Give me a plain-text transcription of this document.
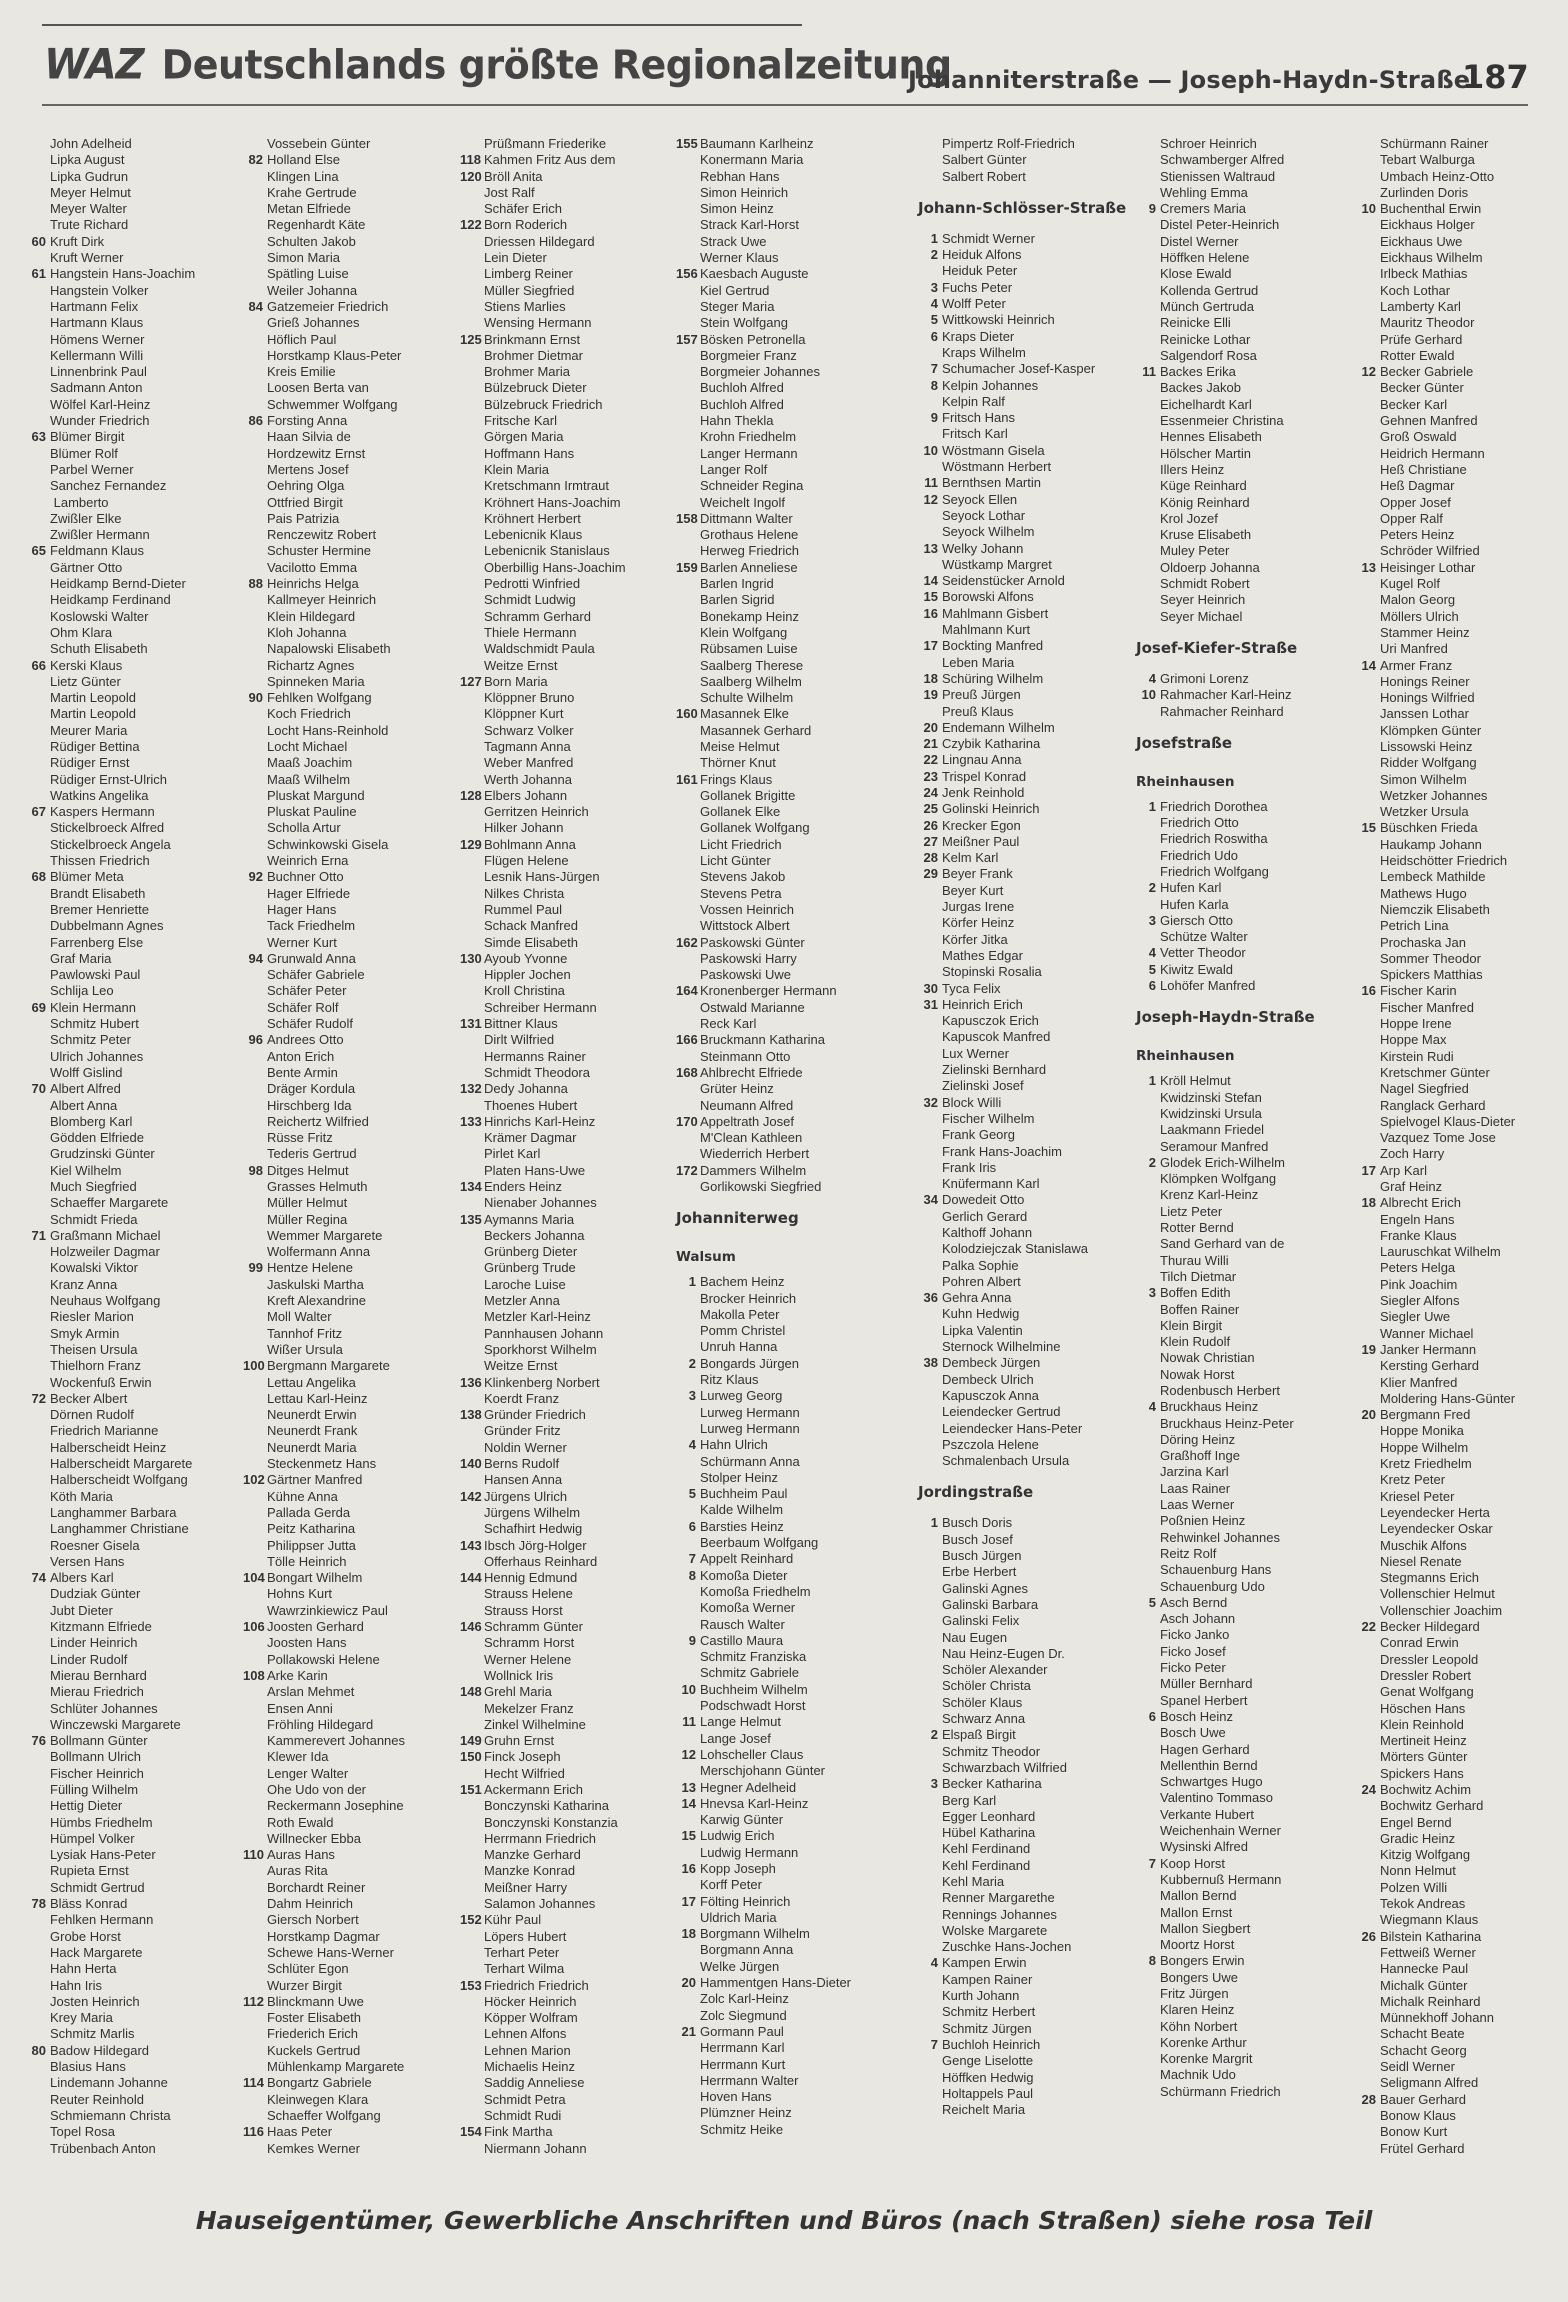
WAZ Deutschlands größte Regionalzeitung
Johanniterstraße — Joseph-Haydn-Straße
187
John Adelheid
Lipka August
Lipka Gudrun
Meyer Helmut
Meyer Walter
Trute Richard
60 Kruft Dirk
Kruft Werner
61 Hangstein Hans-Joachim
Hangstein Volker
Hartmann Felix
Hartmann Klaus
Hömens Werner
Kellermann Willi
Linnenbrink Paul
Sadmann Anton
Wölfel Karl-Heinz
Wunder Friedrich
63 Blümer Birgit
Blümer Rolf
Parbel Werner
Sanchez Fernandez
Lamberto
Zwißler Elke
Zwißler Hermann
65 Feldmann Klaus
Gärtner Otto
Heidkamp Bernd-Dieter
Heidkamp Ferdinand
Koslowski Walter
Ohm Klara
Schuth Elisabeth
66 Kerski Klaus
Lietz Günter
Martin Leopold
Martin Leopold
Meurer Maria
Rüdiger Bettina
Rüdiger Ernst
Rüdiger Ernst-Ulrich
Watkins Angelika
67 Kaspers Hermann
Stickelbroeck Alfred
Stickelbroeck Angela
Thissen Friedrich
68 Blümer Meta
Brandt Elisabeth
Bremer Henriette
Dubbelmann Agnes
Farrenberg Else
Graf Maria
Pawlowski Paul
Schlija Leo
69 Klein Hermann
Schmitz Hubert
Schmitz Peter
Ulrich Johannes
Wolff Gislind
70 Albert Alfred
Albert Anna
Blomberg Karl
Gödden Elfriede
Grudzinski Günter
Kiel Wilhelm
Much Siegfried
Schaeffer Margarete
Schmidt Frieda
71 Graßmann Michael
Holzweiler Dagmar
Kowalski Viktor
Kranz Anna
Neuhaus Wolfgang
Riesler Marion
Smyk Armin
Theisen Ursula
Thielhorn Franz
Wockenfuß Erwin
72 Becker Albert
Dörnen Rudolf
Friedrich Marianne
Halberscheidt Heinz
Halberscheidt Margarete
Halberscheidt Wolfgang
Köth Maria
Langhammer Barbara
Langhammer Christiane
Roesner Gisela
Versen Hans
74 Albers Karl
Dudziak Günter
Jubt Dieter
Kitzmann Elfriede
Linder Heinrich
Linder Rudolf
Mierau Bernhard
Mierau Friedrich
Schlüter Johannes
Winczewski Margarete
76 Bollmann Günter
Bollmann Ulrich
Fischer Heinrich
Fülling Wilhelm
Hettig Dieter
Hümbs Friedhelm
Hümpel Volker
Lysiak Hans-Peter
Rupieta Ernst
Schmidt Gertrud
78 Bläss Konrad
Fehlken Hermann
Grobe Horst
Hack Margarete
Hahn Herta
Hahn Iris
Josten Heinrich
Krey Maria
Schmitz Marlis
80 Badow Hildegard
Blasius Hans
Lindemann Johanne
Reuter Reinhold
Schmiemann Christa
Topel Rosa
Trübenbach Anton
Vossebein Günter
82 Holland Else
Klingen Lina
Krahe Gertrude
Metan Elfriede
Regenhardt Käte
Schulten Jakob
Simon Maria
Spätling Luise
Weiler Johanna
84 Gatzemeier Friedrich
Grieß Johannes
Höflich Paul
Horstkamp Klaus-Peter
Kreis Emilie
Loosen Berta van
Schwemmer Wolfgang
86 Forsting Anna
Haan Silvia de
Hordzewitz Ernst
Mertens Josef
Oehring Olga
Ottfried Birgit
Pais Patrizia
Renczewitz Robert
Schuster Hermine
Vacilotto Emma
88 Heinrichs Helga
Kallmeyer Heinrich
Klein Hildegard
Kloh Johanna
Napalowski Elisabeth
Richartz Agnes
Spinneken Maria
90 Fehlken Wolfgang
Koch Friedrich
Locht Hans-Reinhold
Locht Michael
Maaß Joachim
Maaß Wilhelm
Pluskat Margund
Pluskat Pauline
Scholla Artur
Schwinkowski Gisela
Weinrich Erna
92 Buchner Otto
Hager Elfriede
Hager Hans
Tack Friedhelm
Werner Kurt
94 Grunwald Anna
Schäfer Gabriele
Schäfer Peter
Schäfer Rolf
Schäfer Rudolf
96 Andrees Otto
Anton Erich
Bente Armin
Dräger Kordula
Hirschberg Ida
Reichertz Wilfried
Rüsse Fritz
Tederis Gertrud
98 Ditges Helmut
Grasses Helmuth
Müller Helmut
Müller Regina
Wemmer Margarete
Wolfermann Anna
99 Hentze Helene
Jaskulski Martha
Kreft Alexandrine
Moll Walter
Tannhof Fritz
Wißer Ursula
100 Bergmann Margarete
Lettau Angelika
Lettau Karl-Heinz
Neunerdt Erwin
Neunerdt Frank
Neunerdt Maria
Steckenmetz Hans
102 Gärtner Manfred
Kühne Anna
Pallada Gerda
Peitz Katharina
Philippser Jutta
Tölle Heinrich
104 Bongart Wilhelm
Hohns Kurt
Wawrzinkiewicz Paul
106 Joosten Gerhard
Joosten Hans
Pollakowski Helene
108 Arke Karin
Arslan Mehmet
Ensen Anni
Fröhling Hildegard
Kammerevert Johannes
Klewer Ida
Lenger Walter
Ohe Udo von der
Reckermann Josephine
Roth Ewald
Willnecker Ebba
110 Auras Hans
Auras Rita
Borchardt Reiner
Dahm Heinrich
Giersch Norbert
Horstkamp Dagmar
Schewe Hans-Werner
Schlüter Egon
Wurzer Birgit
112 Blinckmann Uwe
Foster Elisabeth
Friederich Erich
Kuckels Gertrud
Mühlenkamp Margarete
114 Bongartz Gabriele
Kleinwegen Klara
Schaeffer Wolfgang
116 Haas Peter
Kemkes Werner
Prüßmann Friederike
118 Kahmen Fritz Aus dem
120 Bröll Anita
Jost Ralf
Schäfer Erich
122 Born Roderich
Driessen Hildegard
Lein Dieter
Limberg Reiner
Müller Siegfried
Stiens Marlies
Wensing Hermann
125 Brinkmann Ernst
Brohmer Dietmar
Brohmer Maria
Bülzebruck Dieter
Bülzebruck Friedrich
Fritsche Karl
Görgen Maria
Hoffmann Hans
Klein Maria
Kretschmann Irmtraut
Kröhnert Hans-Joachim
Kröhnert Herbert
Lebenicnik Klaus
Lebenicnik Stanislaus
Oberbillig Hans-Joachim
Pedrotti Winfried
Schmidt Ludwig
Schramm Gerhard
Thiele Hermann
Waldschmidt Paula
Weitze Ernst
127 Born Maria
Klöppner Bruno
Klöppner Kurt
Schwarz Volker
Tagmann Anna
Weber Manfred
Werth Johanna
128 Elbers Johann
Gerritzen Heinrich
Hilker Johann
129 Bohlmann Anna
Flügen Helene
Lesnik Hans-Jürgen
Nilkes Christa
Rummel Paul
Schack Manfred
Simde Elisabeth
130 Ayoub Yvonne
Hippler Jochen
Kroll Christina
Schreiber Hermann
131 Bittner Klaus
Dirlt Wilfried
Hermanns Rainer
Schmidt Theodora
132 Dedy Johanna
Thoenes Hubert
133 Hinrichs Karl-Heinz
Krämer Dagmar
Pirlet Karl
Platen Hans-Uwe
134 Enders Heinz
Nienaber Johannes
135 Aymanns Maria
Beckers Johanna
Grünberg Dieter
Grünberg Trude
Laroche Luise
Metzler Anna
Metzler Karl-Heinz
Pannhausen Johann
Sporkhorst Wilhelm
Weitze Ernst
136 Klinkenberg Norbert
Koerdt Franz
138 Gründer Friedrich
Gründer Fritz
Noldin Werner
140 Berns Rudolf
Hansen Anna
142 Jürgens Ulrich
Jürgens Wilhelm
Schafhirt Hedwig
143 Ibsch Jörg-Holger
Offerhaus Reinhard
144 Hennig Edmund
Strauss Helene
Strauss Horst
146 Schramm Günter
Schramm Horst
Werner Helene
Wollnick Iris
148 Grehl Maria
Mekelzer Franz
Zinkel Wilhelmine
149 Gruhn Ernst
150 Finck Joseph
Hecht Wilfried
151 Ackermann Erich
Bonczynski Katharina
Bonczynski Konstanzia
Herrmann Friedrich
Manzke Gerhard
Manzke Konrad
Meißner Harry
Salamon Johannes
152 Kühr Paul
Löpers Hubert
Terhart Peter
Terhart Wilma
153 Friedrich Friedrich
Höcker Heinrich
Köpper Wolfram
Lehnen Alfons
Lehnen Marion
Michaelis Heinz
Saddig Anneliese
Schmidt Petra
Schmidt Rudi
154 Fink Martha
Niermann Johann
155 Baumann Karlheinz
Konermann Maria
Rebhan Hans
Simon Heinrich
Simon Heinz
Strack Karl-Horst
Strack Uwe
Werner Klaus
156 Kaesbach Auguste
Kiel Gertrud
Steger Maria
Stein Wolfgang
157 Bösken Petronella
Borgmeier Franz
Borgmeier Johannes
Buchloh Alfred
Buchloh Alfred
Hahn Thekla
Krohn Friedhelm
Langer Hermann
Langer Rolf
Schneider Regina
Weichelt Ingolf
158 Dittmann Walter
Grothaus Helene
Herweg Friedrich
159 Barlen Anneliese
Barlen Ingrid
Barlen Sigrid
Bonekamp Heinz
Klein Wolfgang
Rübsamen Luise
Saalberg Therese
Saalberg Wilhelm
Schulte Wilhelm
160 Masannek Elke
Masannek Gerhard
Meise Helmut
Thörner Knut
161 Frings Klaus
Gollanek Brigitte
Gollanek Elke
Gollanek Wolfgang
Licht Friedrich
Licht Günter
Stevens Jakob
Stevens Petra
Vossen Heinrich
Wittstock Albert
162 Paskowski Günter
Paskowski Harry
Paskowski Uwe
164 Kronenberger Hermann
Ostwald Marianne
Reck Karl
166 Bruckmann Katharina
Steinmann Otto
168 Ahlbrecht Elfriede
Grüter Heinz
Neumann Alfred
170 Appeltrath Josef
M'Clean Kathleen
Wiederrich Herbert
172 Dammers Wilhelm
Gorlikowski Siegfried
Johanniterweg
Walsum
1 Bachem Heinz
Brocker Heinrich
Makolla Peter
Pomm Christel
Unruh Hanna
2 Bongards Jürgen
Ritz Klaus
3 Lurweg Georg
Lurweg Hermann
Lurweg Hermann
4 Hahn Ulrich
Schürmann Anna
Stolper Heinz
5 Buchheim Paul
Kalde Wilhelm
6 Barsties Heinz
Beerbaum Wolfgang
7 Appelt Reinhard
8 Komoßa Dieter
Komoßa Friedhelm
Komoßa Werner
Rausch Walter
9 Castillo Maura
Schmitz Franziska
Schmitz Gabriele
10 Buchheim Wilhelm
Podschwadt Horst
11 Lange Helmut
Lange Josef
12 Lohscheller Claus
Merschjohann Günter
13 Hegner Adelheid
14 Hnevsa Karl-Heinz
Karwig Günter
15 Ludwig Erich
Ludwig Hermann
16 Kopp Joseph
Korff Peter
17 Fölting Heinrich
Uldrich Maria
18 Borgmann Wilhelm
Borgmann Anna
Welke Jürgen
20 Hammentgen Hans-Dieter
Zolc Karl-Heinz
Zolc Siegmund
21 Gormann Paul
Herrmann Karl
Herrmann Kurt
Herrmann Walter
Hoven Hans
Plümzner Heinz
Schmitz Heike
Pimpertz Rolf-Friedrich
Salbert Günter
Salbert Robert
Johann-Schlösser-Straße
1 Schmidt Werner
2 Heiduk Alfons
Heiduk Peter
3 Fuchs Peter
4 Wolff Peter
5 Wittkowski Heinrich
6 Kraps Dieter
Kraps Wilhelm
7 Schumacher Josef-Kasper
8 Kelpin Johannes
Kelpin Ralf
9 Fritsch Hans
Fritsch Karl
10 Wöstmann Gisela
Wöstmann Herbert
11 Bernthsen Martin
12 Seyock Ellen
Seyock Lothar
Seyock Wilhelm
13 Welky Johann
Wüstkamp Margret
14 Seidenstücker Arnold
15 Borowski Alfons
16 Mahlmann Gisbert
Mahlmann Kurt
17 Bockting Manfred
Leben Maria
18 Schüring Wilhelm
19 Preuß Jürgen
Preuß Klaus
20 Endemann Wilhelm
21 Czybik Katharina
22 Lingnau Anna
23 Trispel Konrad
24 Jenk Reinhold
25 Golinski Heinrich
26 Krecker Egon
27 Meißner Paul
28 Kelm Karl
29 Beyer Frank
Beyer Kurt
Jurgas Irene
Körfer Heinz
Körfer Jitka
Mathes Edgar
Stopinski Rosalia
30 Tyca Felix
31 Heinrich Erich
Kapusczok Erich
Kapuscok Manfred
Lux Werner
Zielinski Bernhard
Zielinski Josef
32 Block Willi
Fischer Wilhelm
Frank Georg
Frank Hans-Joachim
Frank Iris
Knüfermann Karl
34 Dowedeit Otto
Gerlich Gerard
Kalthoff Johann
Kolodziejczak Stanislawa
Palka Sophie
Pohren Albert
36 Gehra Anna
Kuhn Hedwig
Lipka Valentin
Sternock Wilhelmine
38 Dembeck Jürgen
Dembeck Ulrich
Kapusczok Anna
Leiendecker Gertrud
Leiendecker Hans-Peter
Pszczola Helene
Schmalenbach Ursula
Jordingstraße
1 Busch Doris
Busch Josef
Busch Jürgen
Erbe Herbert
Galinski Agnes
Galinski Barbara
Galinski Felix
Nau Eugen
Nau Heinz-Eugen Dr.
Schöler Alexander
Schöler Christa
Schöler Klaus
Schwarz Anna
2 Elspaß Birgit
Schmitz Theodor
Schwarzbach Wilfried
3 Becker Katharina
Berg Karl
Egger Leonhard
Hübel Katharina
Kehl Ferdinand
Kehl Ferdinand
Kehl Maria
Renner Margarethe
Rennings Johannes
Wolske Margarete
Zuschke Hans-Jochen
4 Kampen Erwin
Kampen Rainer
Kurth Johann
Schmitz Herbert
Schmitz Jürgen
7 Buchloh Heinrich
Genge Liselotte
Höffken Hedwig
Holtappels Paul
Reichelt Maria
Schroer Heinrich
Schwamberger Alfred
Stienissen Waltraud
Wehling Emma
9 Cremers Maria
Distel Peter-Heinrich
Distel Werner
Höffken Helene
Klose Ewald
Kollenda Gertrud
Münch Gertruda
Reinicke Elli
Reinicke Lothar
Salgendorf Rosa
11 Backes Erika
Backes Jakob
Eichelhardt Karl
Essenmeier Christina
Hennes Elisabeth
Hölscher Martin
Illers Heinz
Küge Reinhard
König Reinhard
Krol Jozef
Kruse Elisabeth
Muley Peter
Oldoerp Johanna
Schmidt Robert
Seyer Heinrich
Seyer Michael
Josef-Kiefer-Straße
4 Grimoni Lorenz
10 Rahmacher Karl-Heinz
Rahmacher Reinhard
Josefstraße
Rheinhausen
1 Friedrich Dorothea
Friedrich Otto
Friedrich Roswitha
Friedrich Udo
Friedrich Wolfgang
2 Hufen Karl
Hufen Karla
3 Giersch Otto
Schütze Walter
4 Vetter Theodor
5 Kiwitz Ewald
6 Lohöfer Manfred
Joseph-Haydn-Straße
Rheinhausen
1 Kröll Helmut
Kwidzinski Stefan
Kwidzinski Ursula
Laakmann Friedel
Seramour Manfred
2 Glodek Erich-Wilhelm
Klömpken Wolfgang
Krenz Karl-Heinz
Lietz Peter
Rotter Bernd
Sand Gerhard van de
Thurau Willi
Tilch Dietmar
3 Boffen Edith
Boffen Rainer
Klein Birgit
Klein Rudolf
Nowak Christian
Nowak Horst
Rodenbusch Herbert
4 Bruckhaus Heinz
Bruckhaus Heinz-Peter
Döring Heinz
Graßhoff Inge
Jarzina Karl
Laas Rainer
Laas Werner
Poßnien Heinz
Rehwinkel Johannes
Reitz Rolf
Schauenburg Hans
Schauenburg Udo
5 Asch Bernd
Asch Johann
Ficko Janko
Ficko Josef
Ficko Peter
Müller Bernhard
Spanel Herbert
6 Bosch Heinz
Bosch Uwe
Hagen Gerhard
Mellenthin Bernd
Schwartges Hugo
Valentino Tommaso
Verkante Hubert
Weichenhain Werner
Wysinski Alfred
7 Koop Horst
Kubbernuß Hermann
Mallon Bernd
Mallon Ernst
Mallon Siegbert
Moortz Horst
8 Bongers Erwin
Bongers Uwe
Fritz Jürgen
Klaren Heinz
Köhn Norbert
Korenke Arthur
Korenke Margrit
Machnik Udo
Schürmann Friedrich
Schürmann Rainer
Tebart Walburga
Umbach Heinz-Otto
Zurlinden Doris
10 Buchenthal Erwin
Eickhaus Holger
Eickhaus Uwe
Eickhaus Wilhelm
Irlbeck Mathias
Koch Lothar
Lamberty Karl
Mauritz Theodor
Prüfe Gerhard
Rotter Ewald
12 Becker Gabriele
Becker Günter
Becker Karl
Gehnen Manfred
Groß Oswald
Heidrich Hermann
Heß Christiane
Heß Dagmar
Opper Josef
Opper Ralf
Peters Heinz
Schröder Wilfried
13 Heisinger Lothar
Kugel Rolf
Malon Georg
Möllers Ulrich
Stammer Heinz
Uri Manfred
14 Armer Franz
Honings Reiner
Honings Wilfried
Janssen Lothar
Klömpken Günter
Lissowski Heinz
Ridder Wolfgang
Simon Wilhelm
Wetzker Johannes
Wetzker Ursula
15 Büschken Frieda
Haukamp Johann
Heidschötter Friedrich
Lembeck Mathilde
Mathews Hugo
Niemczik Elisabeth
Petrich Lina
Prochaska Jan
Sommer Theodor
Spickers Matthias
16 Fischer Karin
Fischer Manfred
Hoppe Irene
Hoppe Max
Kirstein Rudi
Kretschmer Günter
Nagel Siegfried
Ranglack Gerhard
Spielvogel Klaus-Dieter
Vazquez Tome Jose
Zoch Harry
17 Arp Karl
Graf Heinz
18 Albrecht Erich
Engeln Hans
Franke Klaus
Lauruschkat Wilhelm
Peters Helga
Pink Joachim
Siegler Alfons
Siegler Uwe
Wanner Michael
19 Janker Hermann
Kersting Gerhard
Klier Manfred
Moldering Hans-Günter
20 Bergmann Fred
Hoppe Monika
Hoppe Wilhelm
Kretz Friedhelm
Kretz Peter
Kriesel Peter
Leyendecker Herta
Leyendecker Oskar
Muschik Alfons
Niesel Renate
Stegmanns Erich
Vollenschier Helmut
Vollenschier Joachim
22 Becker Hildegard
Conrad Erwin
Dressler Leopold
Dressler Robert
Genat Wolfgang
Höschen Hans
Klein Reinhold
Mertineit Heinz
Mörters Günter
Spickers Hans
24 Bochwitz Achim
Bochwitz Gerhard
Engel Bernd
Gradic Heinz
Kitzig Wolfgang
Nonn Helmut
Polzen Willi
Tekok Andreas
Wiegmann Klaus
26 Bilstein Katharina
Fettweiß Werner
Hannecke Paul
Michalk Günter
Michalk Reinhard
Münnekhoff Johann
Schacht Beate
Schacht Georg
Seidl Werner
Seligmann Alfred
28 Bauer Gerhard
Bonow Klaus
Bonow Kurt
Frütel Gerhard
Hauseigentümer, Gewerbliche Anschriften und Büros (nach Straßen) siehe rosa Teil
